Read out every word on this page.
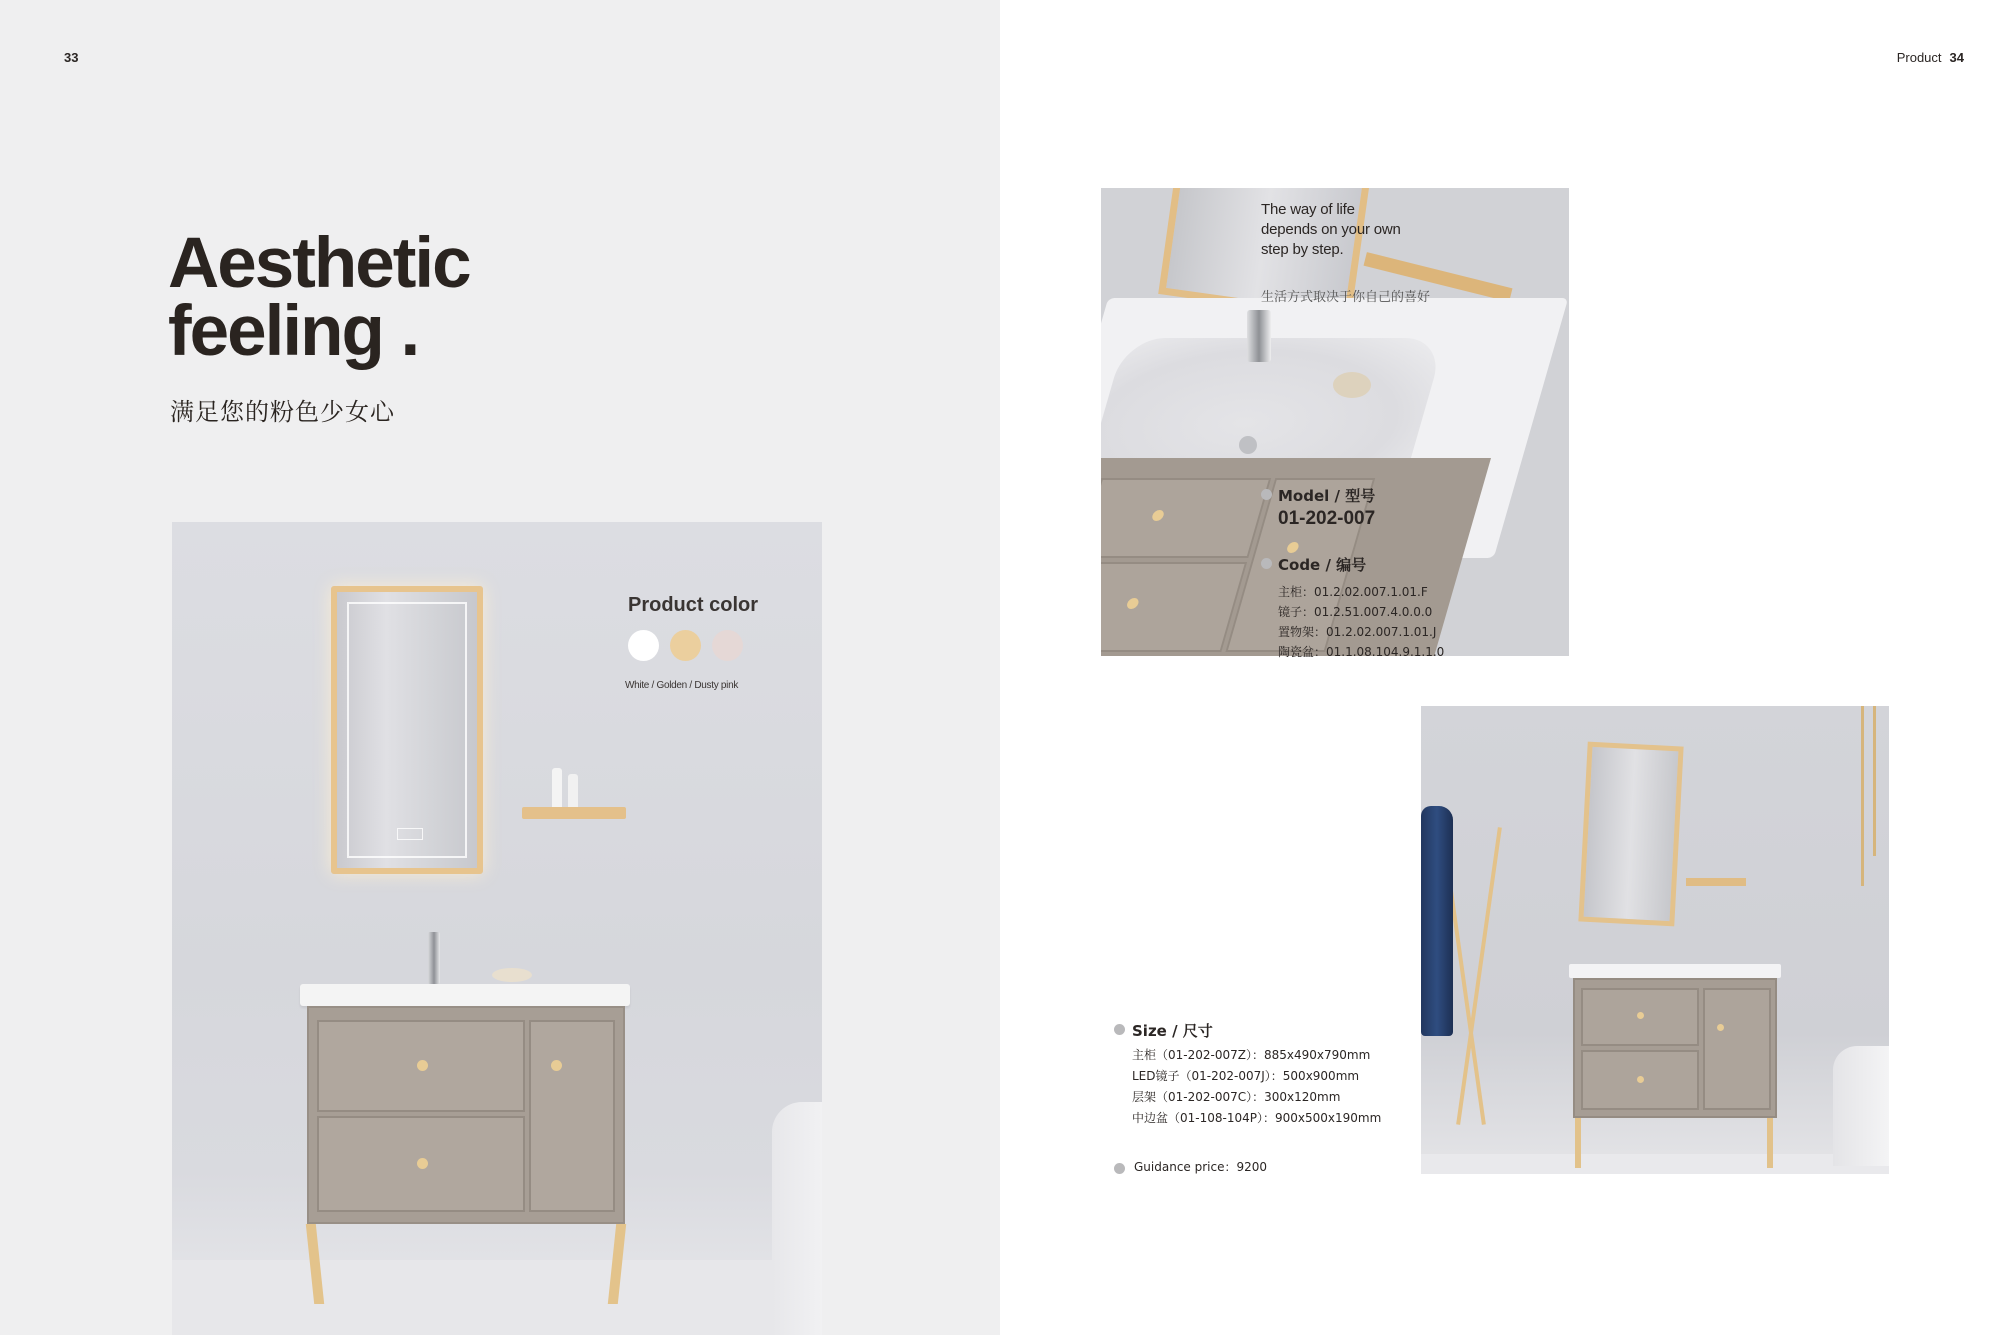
33
Aesthetic
feeling .
满足您的粉色少女心
Product color
White / Golden / Dusty pink
Product 34
The way of life
depends on your own
step by step.
生活方式取决于你自己的喜好
Model / 型号
01-202-007
Code / 编号
主柜：01.2.02.007.1.01.F
镜子：01.2.51.007.4.0.0.0
置物架：01.2.02.007.1.01.J
陶瓷盆：01.1.08.104.9.1.1.0
Size / 尺寸
主柜（01-202-007Z）：885x490x790mm
LED镜子（01-202-007J）：500x900mm
层架（01-202-007C）：300x120mm
中边盆（01-108-104P）：900x500x190mm
Guidance price：9200
